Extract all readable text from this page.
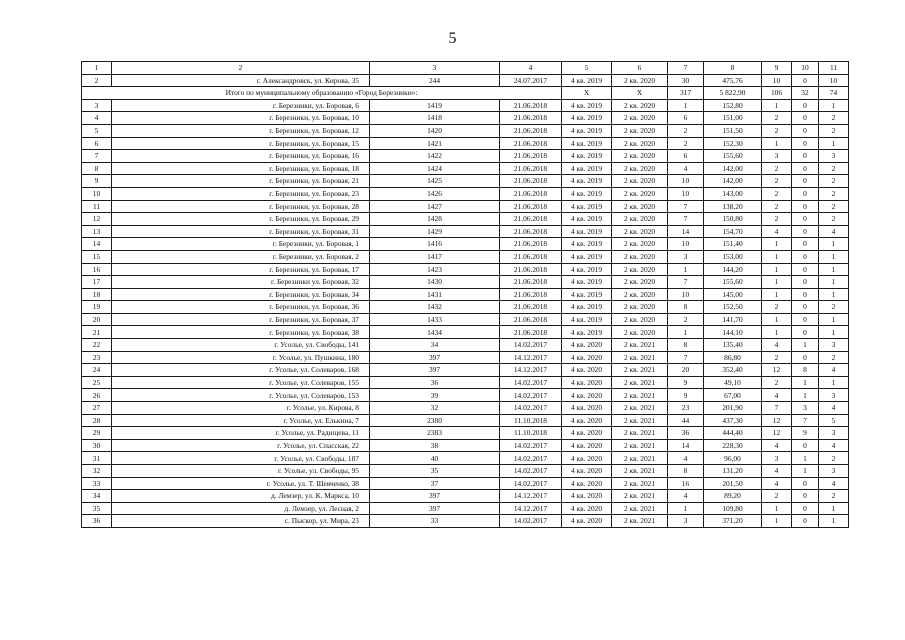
5
1	2	3	4	5	6	7	8	9	10	11
2	г. Александровск, ул. Кирова, 35	244	24.07.2017	4 кв. 2019	2 кв. 2020	30	475,76	10	0	10
Итого по муниципальному образованию «Город Березники»:				X	X	317	5 822,90	106	32	74
3	г. Березники, ул. Боровая, 6	1419	21.06.2018	4 кв. 2019	2 кв. 2020	1	152,80	1	0	1
4	г. Березники, ул. Боровая, 10	1418	21.06.2018	4 кв. 2019	2 кв. 2020	6	151,00	2	0	2
5	г. Березники, ул. Боровая, 12	1420	21.06.2018	4 кв. 2019	2 кв. 2020	2	151,50	2	0	2
6	г. Березники, ул. Боровая, 15	1421	21.06.2018	4 кв. 2019	2 кв. 2020	2	152,30	1	0	1
7	г. Березники, ул. Боровая, 16	1422	21.06.2018	4 кв. 2019	2 кв. 2020	6	155,60	3	0	3
8	г. Березники, ул. Боровая, 18	1424	21.06.2018	4 кв. 2019	2 кв. 2020	4	142,00	2	0	2
9	г. Березники, ул. Боровая, 21	1425	21.06.2018	4 кв. 2019	2 кв. 2020	10	142,00	2	0	2
10	г. Березники, ул. Боровая, 23	1426	21.06.2018	4 кв. 2019	2 кв. 2020	10	143,00	2	0	2
11	г. Березники, ул. Боровая, 28	1427	21.06.2018	4 кв. 2019	2 кв. 2020	7	138,20	2	0	2
12	г. Березники, ул. Боровая, 29	1428	21.06.2018	4 кв. 2019	2 кв. 2020	7	150,80	2	0	2
13	г. Березники, ул. Боровая, 31	1429	21.06.2018	4 кв. 2019	2 кв. 2020	14	154,70	4	0	4
14	г. Березники, ул. Боровая, 1	1416	21.06.2018	4 кв. 2019	2 кв. 2020	10	151,40	1	0	1
15	г. Березники, ул. Боровая, 2	1417	21.06.2018	4 кв. 2019	2 кв. 2020	3	153,00	1	0	1
16	г. Березники, ул. Боровая, 17	1423	21.06.2018	4 кв. 2019	2 кв. 2020	1	144,20	1	0	1
17	г. Березники ул. Боровая, 32	1430	21.06.2018	4 кв. 2019	2 кв. 2020	7	155,60	1	0	1
18	г. Березники, ул. Боровая, 34	1431	21.06.2018	4 кв. 2019	2 кв. 2020	10	145,00	1	0	1
19	г. Березники, ул. Боровая, 36	1432	21.06.2018	4 кв. 2019	2 кв. 2020	8	152,50	2	0	2
20	г. Березники, ул. Боровая, 37	1433	21.06.2018	4 кв. 2019	2 кв. 2020	2	141,70	1	0	1
21	г. Березники, ул. Боровая, 38	1434	21.06.2018	4 кв. 2019	2 кв. 2020	1	144,10	1	0	1
22	г. Усолье, ул. Свободы, 141	34	14.02.2017	4 кв. 2020	2 кв. 2021	8	135,40	4	1	3
23	г. Усолье, ул. Пушкина, 180	397	14.12.2017	4 кв. 2020	2 кв. 2021	7	86,80	2	0	2
24	г. Усолье, ул. Солеваров, 168	397	14.12.2017	4 кв. 2020	2 кв. 2021	20	352,40	12	8	4
25	г. Усолье, ул. Солеваров, 155	36	14.02.2017	4 кв. 2020	2 кв. 2021	9	49,10	2	1	1
26	г. Усолье, ул. Солеваров, 153	39	14.02.2017	4 кв. 2020	2 кв. 2021	9	67,00	4	1	3
27	г. Усолье, ул. Кирова, 8	32	14.02.2017	4 кв. 2020	2 кв. 2021	23	201,90	7	3	4
28	г. Усолье, ул. Елькина, 7	2380	11.10.2018	4 кв. 2020	2 кв. 2021	44	437,30	12	7	5
29	г. Усолье, ул. Радищева, 11	2383	11.10.2018	4 кв. 2020	2 кв. 2021	36	444,40	12	9	3
30	г. Усолье, ул. Спасская, 22	38	14.02.2017	4 кв. 2020	2 кв. 2021	14	228,30	4	0	4
31	г. Усолье, ул. Свободы, 187	40	14.02.2017	4 кв. 2020	2 кв. 2021	4	96,00	3	1	2
32	г. Усолье, ул. Свободы, 95	35	14.02.2017	4 кв. 2020	2 кв. 2021	8	131,20	4	1	3
33	г. Усолье, ул. Т. Шевченко, 38	37	14.02.2017	4 кв. 2020	2 кв. 2021	16	201,50	4	0	4
34	д. Лемзер, ул. К. Маркса, 10	397	14.12.2017	4 кв. 2020	2 кв. 2021	4	89,20	2	0	2
35	д. Лемзер, ул. Лесная, 2	397	14.12.2017	4 кв. 2020	2 кв. 2021	1	109,80	1	0	1
36	с. Пыскор, ул. Мира, 23	33	14.02.2017	4 кв. 2020	2 кв. 2021	3	371,20	1	0	1
